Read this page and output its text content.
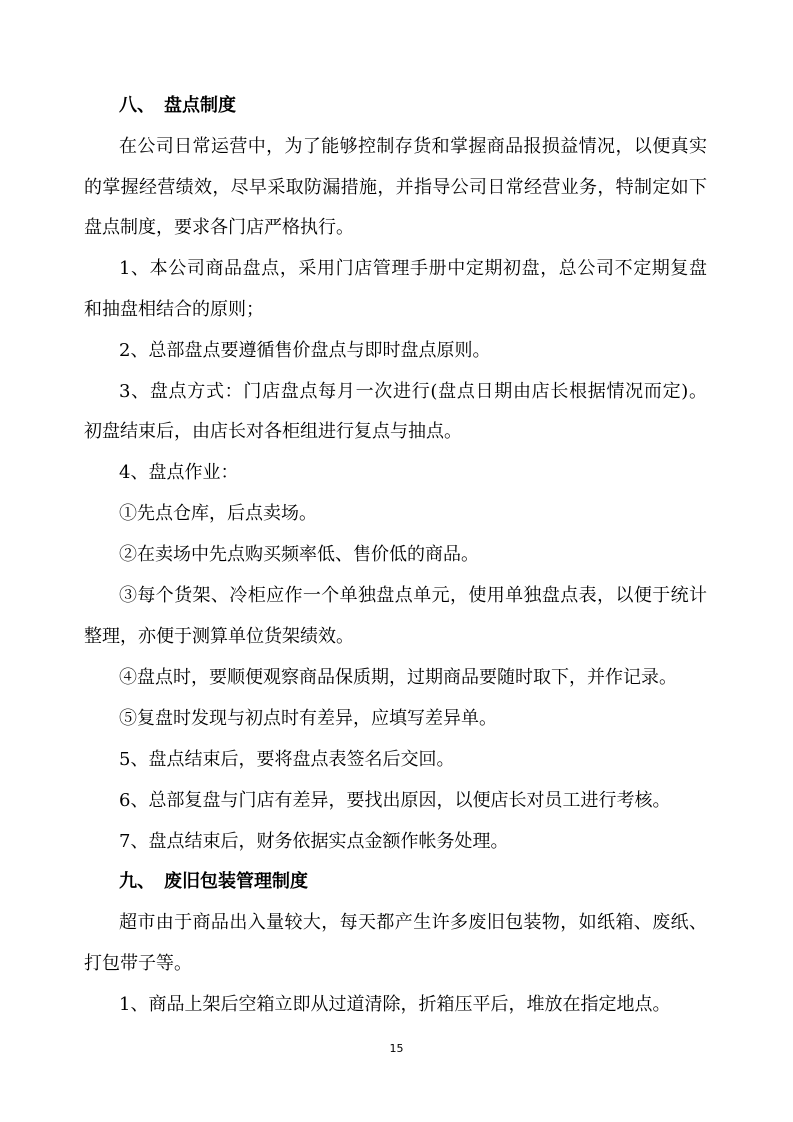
八、 盘点制度
在公司日常运营中，为了能够控制存货和掌握商品报损益情况，以便真实
的掌握经营绩效，尽早采取防漏措施，并指导公司日常经营业务，特制定如下
盘点制度，要求各门店严格执行。
1、本公司商品盘点，采用门店管理手册中定期初盘，总公司不定期复盘
和抽盘相结合的原则；
2、总部盘点要遵循售价盘点与即时盘点原则。
3、盘点方式：门店盘点每月一次进行(盘点日期由店长根据情况而定)。
初盘结束后，由店长对各柜组进行复点与抽点。
4、盘点作业：
①先点仓库，后点卖场。
②在卖场中先点购买频率低、售价低的商品。
③每个货架、冷柜应作一个单独盘点单元，使用单独盘点表，以便于统计
整理，亦便于测算单位货架绩效。
④盘点时，要顺便观察商品保质期，过期商品要随时取下，并作记录。
⑤复盘时发现与初点时有差异，应填写差异单。
5、盘点结束后，要将盘点表签名后交回。
6、总部复盘与门店有差异，要找出原因，以便店长对员工进行考核。
7、盘点结束后，财务依据实点金额作帐务处理。
九、 废旧包装管理制度
超市由于商品出入量较大，每天都产生许多废旧包装物，如纸箱、废纸、
打包带子等。
1、商品上架后空箱立即从过道清除，折箱压平后，堆放在指定地点。
15
